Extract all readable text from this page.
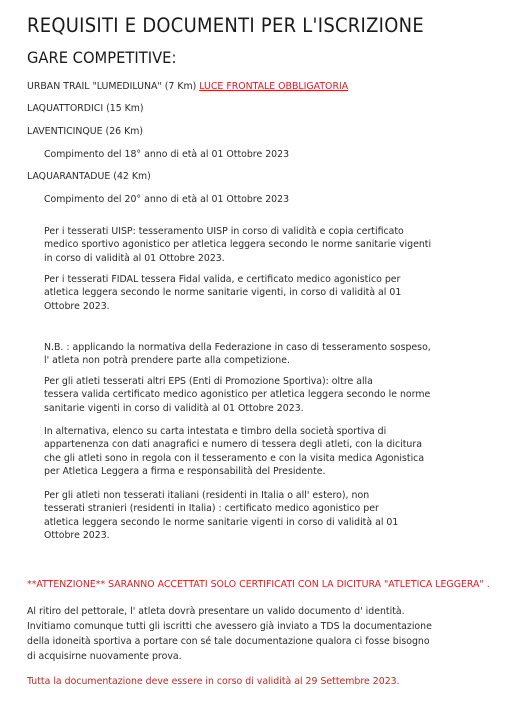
REQUISITI E DOCUMENTI PER L'ISCRIZIONE
GARE COMPETITIVE:
URBAN TRAIL "LUMEDILUNA" (7 Km) LUCE FRONTALE OBBLIGATORIA
LAQUATTORDICI (15 Km)
LAVENTICINQUE (26 Km)
Compimento del 18° anno di età al 01 Ottobre 2023
LAQUARANTADUE (42 Km)
Compimento del 20° anno di età al 01 Ottobre 2023

Per i tesserati UISP: tesseramento UISP in corso di validità e copia certificato

medico sportivo agonistico per atletica leggera secondo le norme sanitarie vigenti

in corso di validità al 01 Ottobre 2023.

Per i tesserati FIDAL tessera Fidal valida, e certificato medico agonistico per

atletica leggera secondo le norme sanitarie vigenti, in corso di validità al 01

Ottobre 2023.

N.B. : applicando la normativa della Federazione in caso di tesseramento sospeso,

l' atleta non potrà prendere parte alla competizione.

Per gli atleti tesserati altri EPS (Enti di Promozione Sportiva): oltre alla

tessera valida certificato medico agonistico per atletica leggera secondo le norme

sanitarie vigenti in corso di validità al 01 Ottobre 2023.

In alternativa, elenco su carta intestata e timbro della società sportiva di

appartenenza con dati anagrafici e numero di tessera degli atleti, con la dicitura

che gli atleti sono in regola con il tesseramento e con la visita medica Agonistica

per Atletica Leggera a firma e responsabilità del Presidente.

Per gli atleti non tesserati italiani (residenti in Italia o all' estero), non

tesserati stranieri (residenti in Italia) : certificato medico agonistico per

atletica leggera secondo le norme sanitarie vigenti in corso di validità al 01

Ottobre 2023.

**ATTENZIONE** SARANNO ACCETTATI SOLO CERTIFICATI CON LA DICITURA "ATLETICA LEGGERA" .

Al ritiro del pettorale, l' atleta dovrà presentare un valido documento d' identità.

Invitiamo comunque tutti gli iscritti che avessero già inviato a TDS la documentazione

della idoneità sportiva a portare con sé tale documentazione qualora ci fosse bisogno

di acquisirne nuovamente prova.

Tutta la documentazione deve essere in corso di validità al 29 Settembre 2023.
